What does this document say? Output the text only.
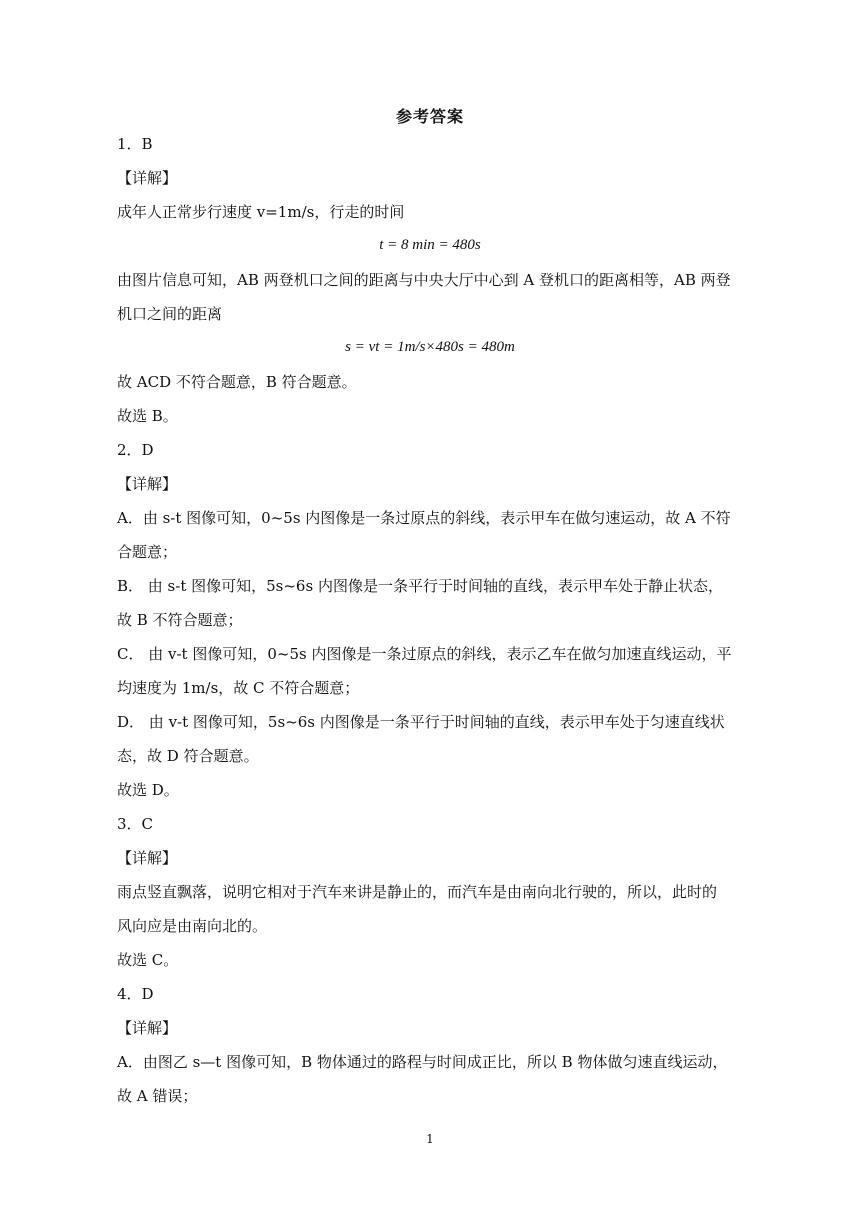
参考答案
1．B
【详解】
成年人正常步行速度 v=1m/s，行走的时间
t = 8 min = 480s
由图片信息可知，AB 两登机口之间的距离与中央大厅中心到 A 登机口的距离相等，AB 两登
机口之间的距离
s = vt = 1m/s×480s = 480m
故 ACD 不符合题意，B 符合题意。
故选 B。
2．D
【详解】
A．由 s-t 图像可知，0~5s 内图像是一条过原点的斜线，表示甲车在做匀速运动，故 A 不符
合题意；
B． 由 s-t 图像可知，5s~6s 内图像是一条平行于时间轴的直线，表示甲车处于静止状态，
故 B 不符合题意；
C． 由 v-t 图像可知，0~5s 内图像是一条过原点的斜线，表示乙车在做匀加速直线运动，平
均速度为 1m/s，故 C 不符合题意；
D． 由 v-t 图像可知，5s~6s 内图像是一条平行于时间轴的直线，表示甲车处于匀速直线状
态，故 D 符合题意。
故选 D。
3．C
【详解】
雨点竖直飘落，说明它相对于汽车来讲是静止的，而汽车是由南向北行驶的，所以，此时的
风向应是由南向北的。
故选 C。
4．D
【详解】
A．由图乙 s—t 图像可知，B 物体通过的路程与时间成正比，所以 B 物体做匀速直线运动，
故 A 错误；
1
